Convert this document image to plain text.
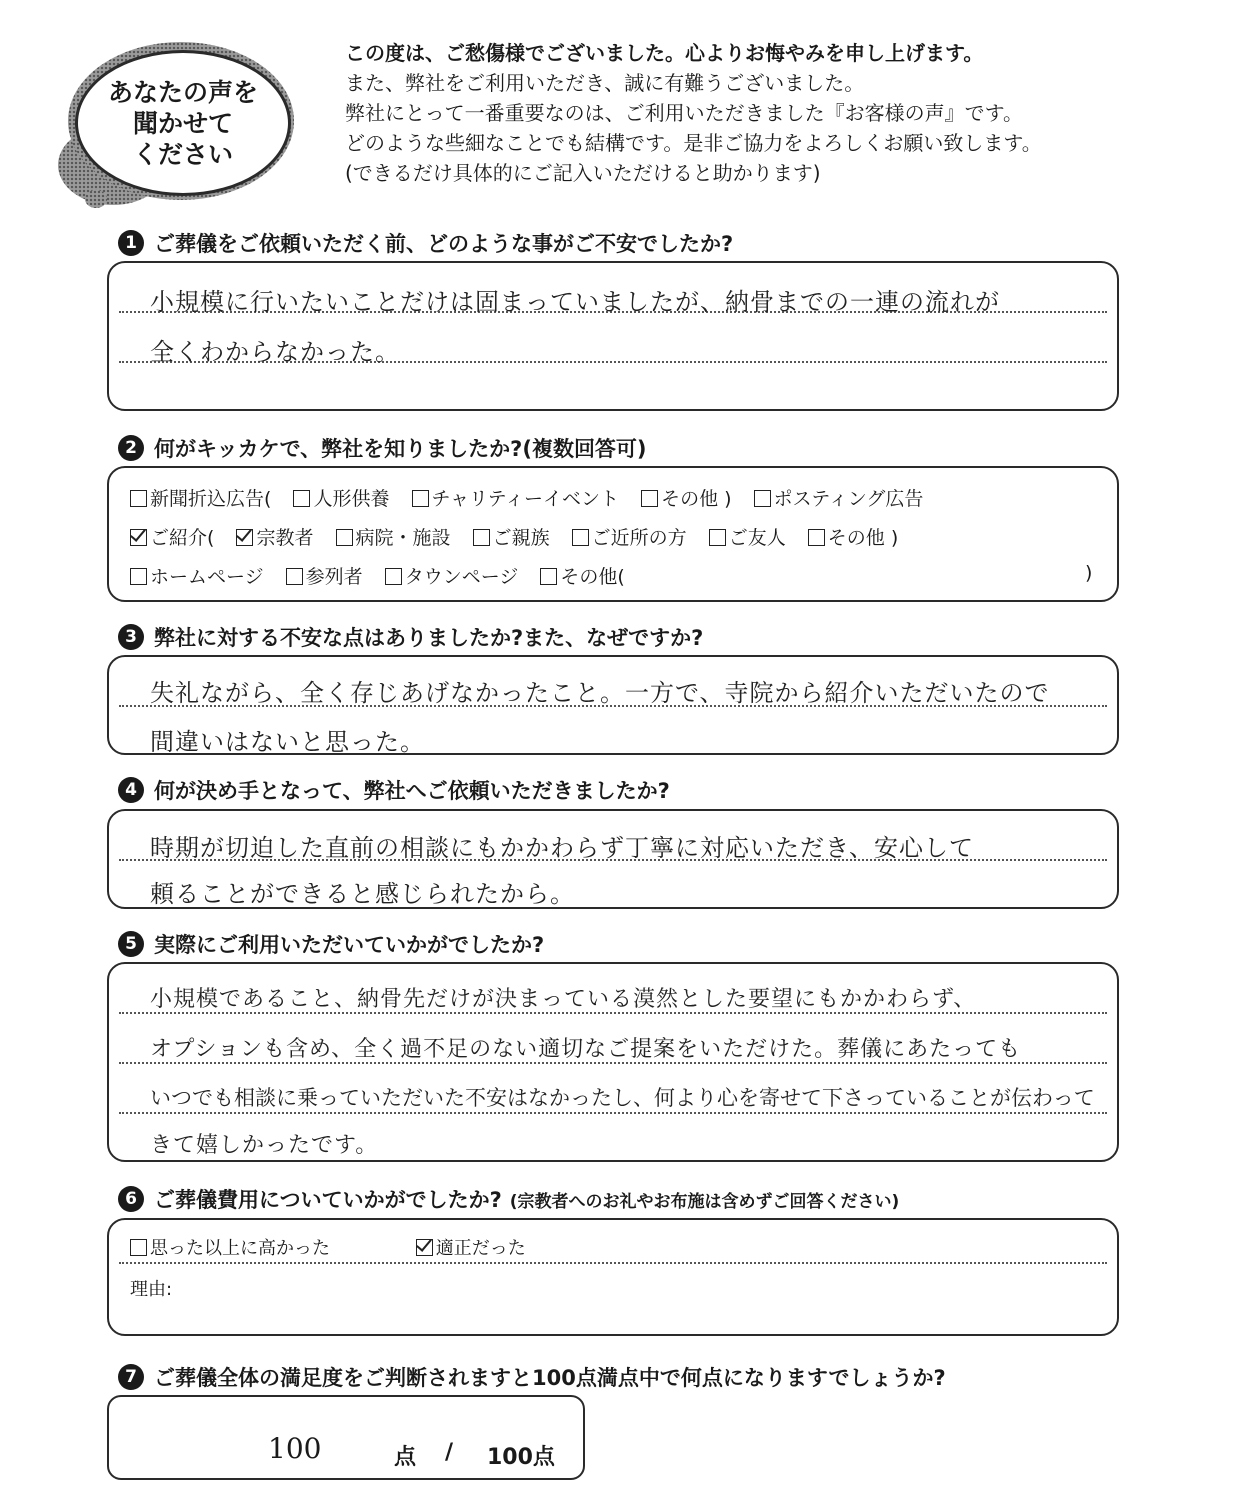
あなたの声を
聞かせて
ください
この度は、ご愁傷様でございました。心よりお悔やみを申し上げます。
また、弊社をご利用いただき、誠に有難うございました。
弊社にとって一番重要なのは、ご利用いただきました『お客様の声』です。
どのような些細なことでも結構です。是非ご協力をよろしくお願い致します。
(できるだけ具体的にご記入いただけると助かります)
1 ご葬儀をご依頼いただく前、どのような事がご不安でしたか?
小規模に行いたいことだけは固まっていましたが、納骨までの一連の流れが
全くわからなかった。
2 何がキッカケで、弊社を知りましたか?(複数回答可)
新聞折込広告( 人形供養 チャリティーイベント その他 ) ポスティング広告
ご紹介( 宗教者 病院・施設 ご親族 ご近所の方 ご友人 その他 )
ホームページ 参列者 タウンページ その他(	)
3 弊社に対する不安な点はありましたか?また、なぜですか?
失礼ながら、全く存じあげなかったこと。一方で、寺院から紹介いただいたので
間違いはないと思った。
4 何が決め手となって、弊社へご依頼いただきましたか?
時期が切迫した直前の相談にもかかわらず丁寧に対応いただき、安心して
頼ることができると感じられたから。
5 実際にご利用いただいていかがでしたか?
小規模であること、納骨先だけが決まっている漠然とした要望にもかかわらず、
オプションも含め、全く過不足のない適切なご提案をいただけた。葬儀にあたっても
いつでも相談に乗っていただいた不安はなかったし、何より心を寄せて下さっていることが伝わって
きて嬉しかったです。
6 ご葬儀費用についていかがでしたか? (宗教者へのお礼やお布施は含めずご回答ください)
思った以上に高かった	適正だった
理由:
7 ご葬儀全体の満足度をご判断されますと100点満点中で何点になりますでしょうか?
100	点 / 100点
